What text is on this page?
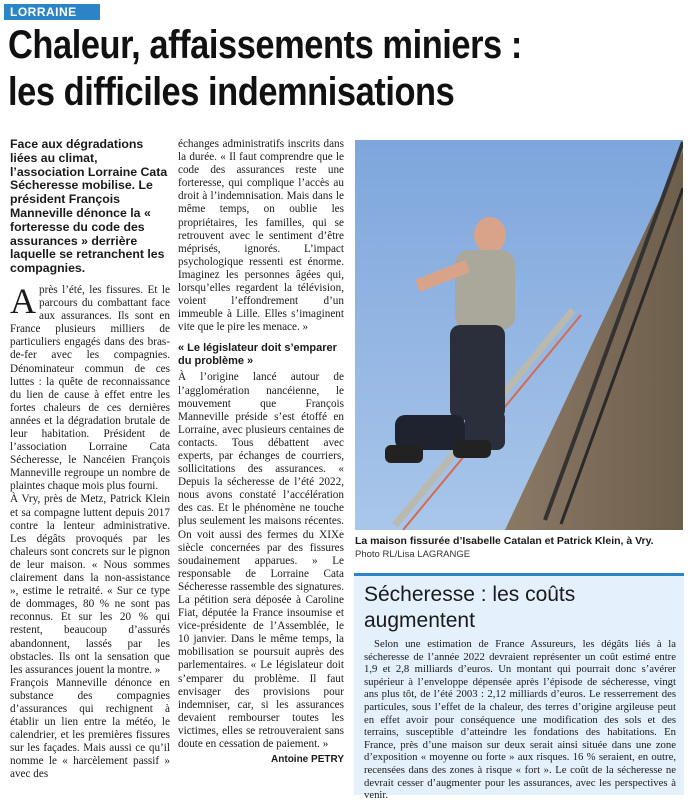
LORRAINE
Chaleur, affaissements miniers :
les difficiles indemnisations
Face aux dégradations liées au climat, l’association Lorraine Cata Sécheresse mobilise. Le président François Manneville dénonce la « forteresse du code des assurances » derrière laquelle se retranchent les compagnies.

Après l’été, les fissures. Et le parcours du combattant face aux assurances. Ils sont en France plusieurs milliers de particuliers engagés dans des bras-de-fer avec les compagnies. Dénominateur commun de ces luttes : la quête de reconnaissance du lien de cause à effet entre les fortes chaleurs de ces dernières années et la dégradation brutale de leur habitation. Président de l’association Lorraine Cata Sécheresse, le Nancéien François Manneville regroupe un nombre de plaintes chaque mois plus fourni.

À Vry, près de Metz, Patrick Klein et sa compagne luttent depuis 2017 contre la lenteur administrative. Les dégâts provoqués par les chaleurs sont concrets sur le pignon de leur maison. « Nous sommes clairement dans la non-assistance », estime le retraité. « Sur ce type de dommages, 80 % ne sont pas reconnus. Et sur les 20 % qui restent, beaucoup d’assurés abandonnent, lassés par les obstacles. Ils ont la sensation que les assurances jouent la montre. »

François Manneville dénonce en substance des compagnies d’assurances qui rechignent à établir un lien entre la météo, le calendrier, et les premières fissures sur les façades. Mais aussi ce qu’il nomme le « harcèlement passif » avec des

échanges administratifs inscrits dans la durée. « Il faut comprendre que le code des assurances reste une forteresse, qui complique l’accès au droit à l’indemnisation. Mais dans le même temps, on oublie les propriétaires, les familles, qui se retrouvent avec le sentiment d’être méprisés, ignorés. L’impact psychologique ressenti est énorme. Imaginez les personnes âgées qui, lorsqu’elles regardent la télévision, voient l’effondrement d’un immeuble à Lille. Elles s’imaginent vite que le pire les menace. »

« Le législateur doit s’emparer du problème »

À l’origine lancé autour de l’agglomération nancéienne, le mouvement que François Manneville préside s’est étoffé en Lorraine, avec plusieurs centaines de contacts. Tous débattent avec experts, par échanges de courriers, sollicitations des assurances. « Depuis la sécheresse de l’été 2022, nous avons constaté l’accélération des cas. Et le phénomène ne touche plus seulement les maisons récentes. On voit aussi des fermes du XIXe siècle concernées par des fissures soudainement apparues. » Le responsable de Lorraine Cata Sécheresse rassemble des signatures. La pétition sera déposée à Caroline Fiat, députée la France insoumise et vice-présidente de l’Assemblée, le 10 janvier. Dans le même temps, la mobilisation se poursuit auprès des parlementaires. « Le législateur doit s’emparer du problème. Il faut envisager des provisions pour indemniser, car, si les assurances devaient rembourser toutes les victimes, elles se retrouveraient sans doute en cessation de paiement. »

Antoine PETRY
La maison fissurée d’Isabelle Catalan et Patrick Klein, à Vry.
Photo RL/Lisa LAGRANGE
Sécheresse : les coûts augmentent
Selon une estimation de France Assureurs, les dégâts liés à la sécheresse de l’année 2022 devraient représenter un coût estimé entre 1,9 et 2,8 milliards d’euros. Un montant qui pourrait donc s’avérer supérieur à l’enveloppe dépensée après l’épisode de sécheresse, vingt ans plus tôt, de l’été 2003 : 2,12 milliards d’euros. Le resserrement des particules, sous l’effet de la chaleur, des terres d’origine argileuse peut en effet avoir pour conséquence une modification des sols et des terrains, susceptible d’atteindre les fondations des habitations. En France, près d’une maison sur deux serait ainsi située dans une zone d’exposition « moyenne ou forte » aux risques. 16 % seraient, en outre, recensées dans des zones à risque « fort ». Le coût de la sécheresse ne devrait cesser d’augmenter pour les assurances, avec les perspectives à venir.
